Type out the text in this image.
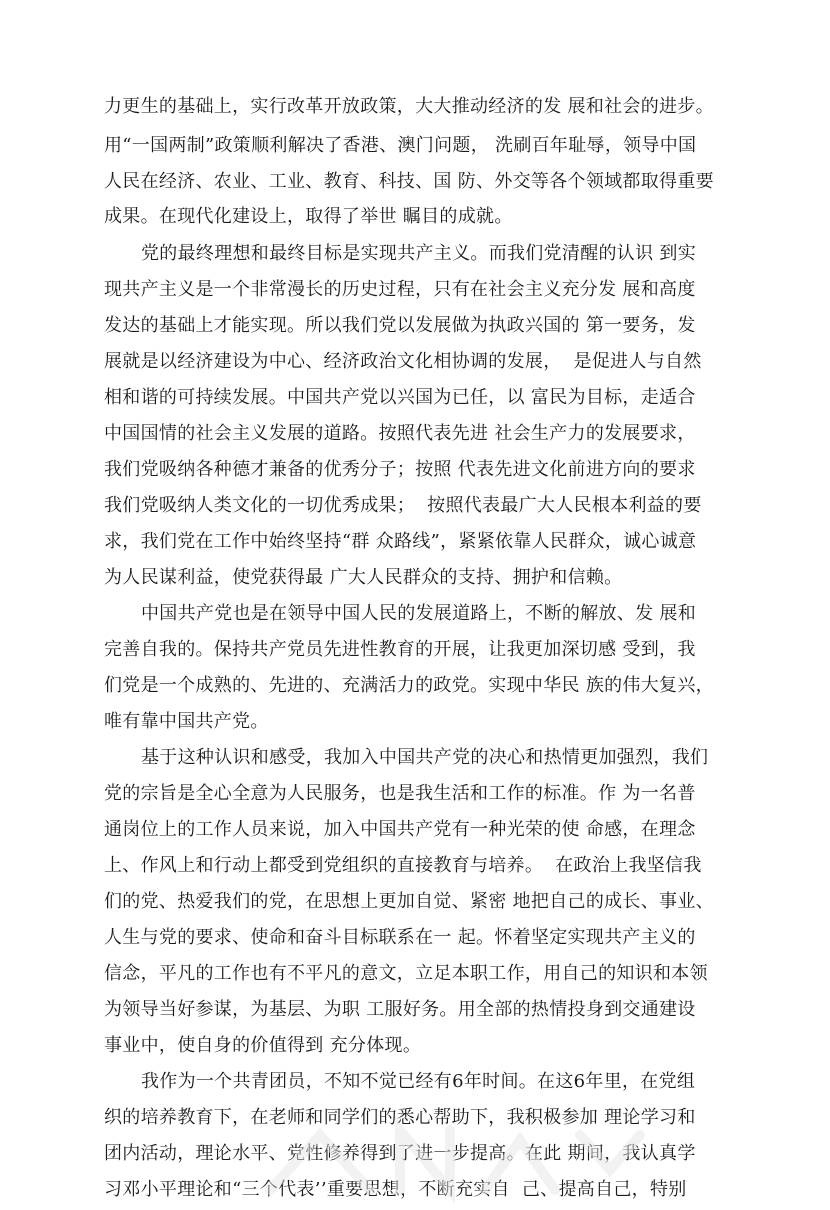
力更生的基础上，实行改革开放政策，大大推动经济的发 展和社会的进步。
用“一国两制”政策顺利解决了香港、澳门问题， 洗刷百年耻辱，领导中国
人民在经济、农业、工业、教育、科技、国 防、外交等各个领域都取得重要
成果。在现代化建设上，取得了举世 瞩目的成就。
党的最终理想和最终目标是实现共产主义。而我们党清醒的认识 到实
现共产主义是一个非常漫长的历史过程，只有在社会主义充分发 展和高度
发达的基础上才能实现。所以我们党以发展做为执政兴国的 第一要务，发
展就是以经济建设为中心、经济政治文化相协调的发展，  是促进人与自然
相和谐的可持续发展。中国共产党以兴国为已任，以 富民为目标，走适合
中国国情的社会主义发展的道路。按照代表先进 社会生产力的发展要求，
我们党吸纳各种德才兼备的优秀分子；按照 代表先进文化前进方向的要求
我们党吸纳人类文化的一切优秀成果；  按照代表最广大人民根本利益的要
求，我们党在工作中始终坚持“群 众路线”，紧紧依靠人民群众，诚心诚意
为人民谋利益，使党获得最 广大人民群众的支持、拥护和信赖。
中国共产党也是在领导中国人民的发展道路上，不断的解放、发 展和
完善自我的。保持共产党员先进性教育的开展，让我更加深切感 受到，我
们党是一个成熟的、先进的、充满活力的政党。实现中华民 族的伟大复兴，
唯有靠中国共产党。
基于这种认识和感受，我加入中国共产党的决心和热情更加强烈，我们
党的宗旨是全心全意为人民服务，也是我生活和工作的标准。作 为一名普
通岗位上的工作人员来说，加入中国共产党有一种光荣的使 命感，在理念
上、作风上和行动上都受到党组织的直接教育与培养。  在政治上我坚信我
们的党、热爱我们的党，在思想上更加自觉、紧密 地把自己的成长、事业、
人生与党的要求、使命和奋斗目标联系在一 起。怀着坚定实现共产主义的
信念，平凡的工作也有不平凡的意文，立足本职工作，用自己的知识和本领
为领导当好参谋，为基层、为职 工服好务。用全部的热情投身到交通建设
事业中，使自身的价值得到 充分体现。
我作为一个共青团员，不知不觉已经有6年时间。在这6年里，在党组
织的培养教育下，在老师和同学们的悉心帮助下，我积极参加 理论学习和
团内活动，理论水平、党性修养得到了进一步提高。在此 期间，我认真学
习邓小平理论和“三个代表’’重要思想，不断充实自  己、提高自己，特别
